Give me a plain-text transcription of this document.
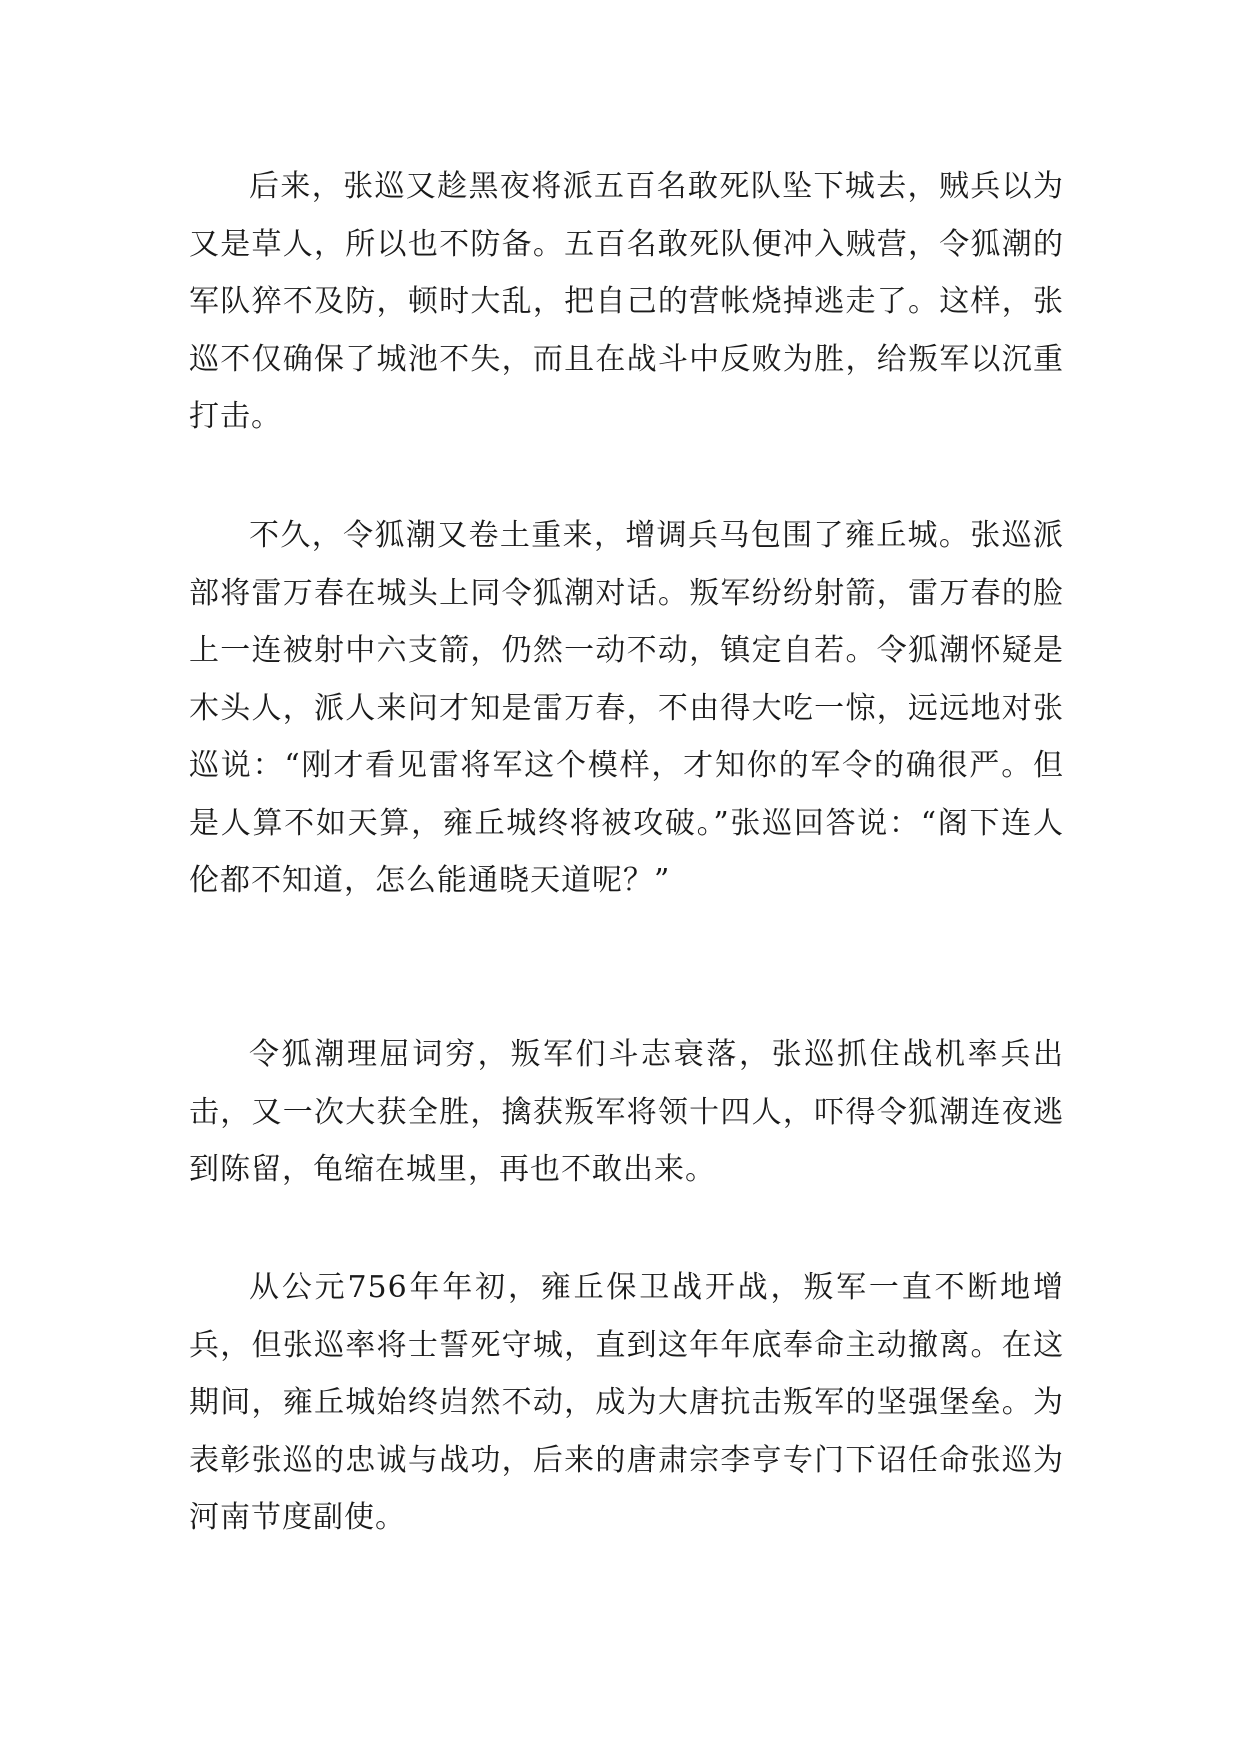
后来，张巡又趁黑夜将派五百名敢死队坠下城去，贼兵以为又是草人，所以也不防备。五百名敢死队便冲入贼营，令狐潮的军队猝不及防，顿时大乱，把自己的营帐烧掉逃走了。这样，张巡不仅确保了城池不失，而且在战斗中反败为胜，给叛军以沉重打击。

不久，令狐潮又卷土重来，增调兵马包围了雍丘城。张巡派部将雷万春在城头上同令狐潮对话。叛军纷纷射箭，雷万春的脸上一连被射中六支箭，仍然一动不动，镇定自若。令狐潮怀疑是木头人，派人来问才知是雷万春，不由得大吃一惊，远远地对张巡说：“刚才看见雷将军这个模样，才知你的军令的确很严。但是人算不如天算，雍丘城终将被攻破。”张巡回答说：“阁下连人伦都不知道，怎么能通晓天道呢？”

令狐潮理屈词穷，叛军们斗志衰落，张巡抓住战机率兵出击，又一次大获全胜，擒获叛军将领十四人，吓得令狐潮连夜逃到陈留，龟缩在城里，再也不敢出来。

从公元756年年初，雍丘保卫战开战，叛军一直不断地增兵，但张巡率将士誓死守城，直到这年年底奉命主动撤离。在这期间，雍丘城始终岿然不动，成为大唐抗击叛军的坚强堡垒。为表彰张巡的忠诚与战功，后来的唐肃宗李亨专门下诏任命张巡为河南节度副使。
